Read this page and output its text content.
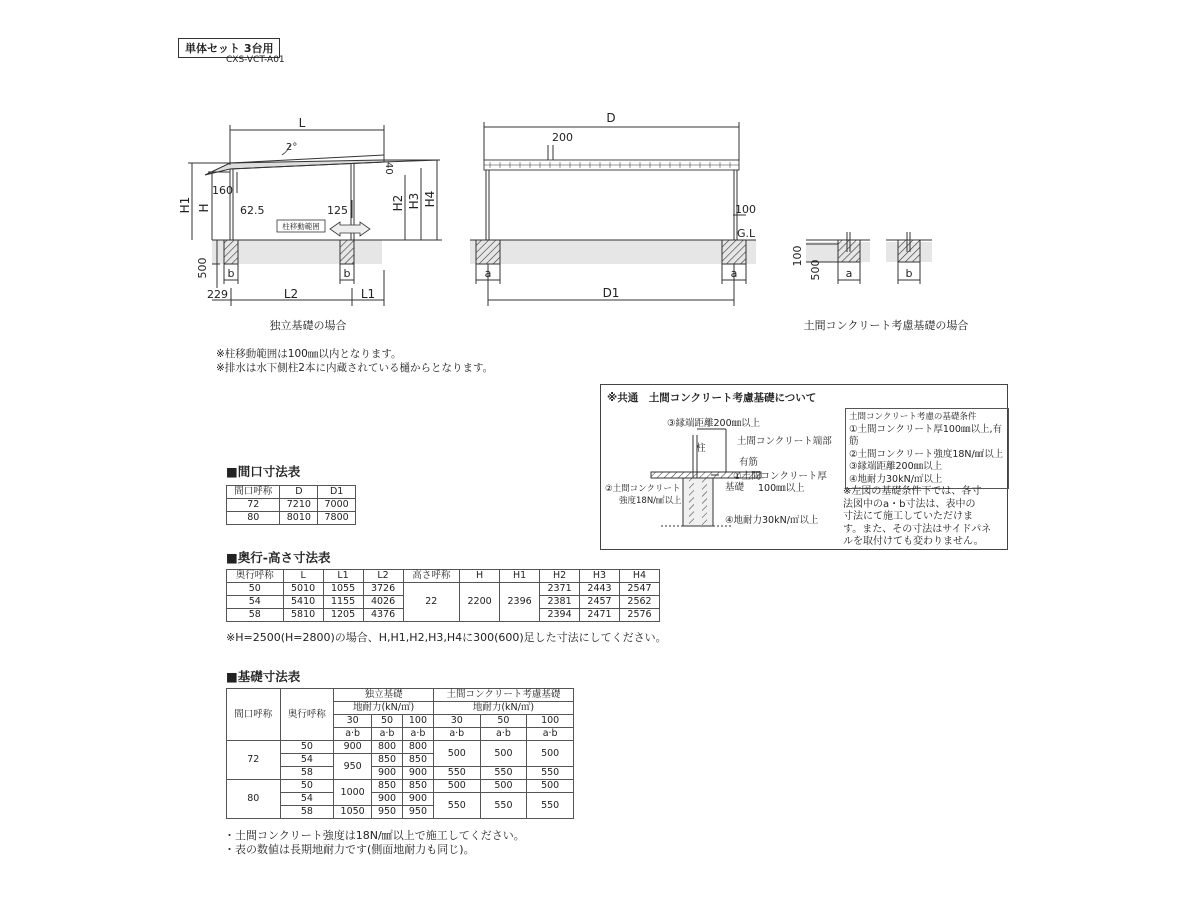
単体セット 3台用
CXS-VCT-A01
L
2°
40
H1 H
160
62.5	125	H2 H3 H4
柱移動範囲
500 b	b
229	L2	L1
独立基礎の場合
D
200
100
G.L
a	a
D1
100
500 a	b
土間コンクリート考慮基礎の場合
※柱移動範囲は100㎜以内となります。
※排水は水下側柱2本に内蔵されている樋からとなります。
※共通　土間コンクリート考慮基礎について
③縁端距離200㎜以上
柱
土間コンクリート端部
有筋
①土間コンクリート厚
100㎜以上
基礎
②土間コンクリート
強度18N/㎟以上
④地耐力30kN/㎡以上
土間コンクリート考慮の基礎条件
①土間コンクリート厚100㎜以上,有筋
②土間コンクリート強度18N/㎟以上
③縁端距離200㎜以上
④地耐力30kN/㎡以上
※左図の基礎条件下では、各寸
法図中のa・b寸法は、表中の
寸法にて施工していただけま
す。また、その寸法はサイドパネ
ルを取付けても変わりません。
■間口寸法表
間口呼称	D	D1
72	7210	7000
80	8010	7800
■奥行-高さ寸法表
奥行呼称	L	L1	L2	高さ呼称	H	H1	H2	H3	H4
50	5010	1055	3726	22	2200	2396	2371	2443	2547
54	5410	1155	4026				2381	2457	2562
58	5810	1205	4376				2394	2471	2576
※H=2500(H=2800)の場合、H,H1,H2,H3,H4に300(600)足した寸法にしてください。
■基礎寸法表
間口呼称	奥行呼称	独立基礎			土間コンクリート考慮基礎		
		地耐力(kN/㎡)			地耐力(kN/㎡)		
		30	50	100	30	50	100
		a·b	a·b	a·b	a·b	a·b	a·b
72	50	900	800	800	500	500	500
	54	950	850	850			
	58		900	900	550	550	550
80	50	1000	850	850	500	500	500
	54		900	900	550	550	550
	58	1050	950	950			
・土間コンクリート強度は18N/㎟以上で施工してください。
・表の数値は長期地耐力です(側面地耐力も同じ)。
